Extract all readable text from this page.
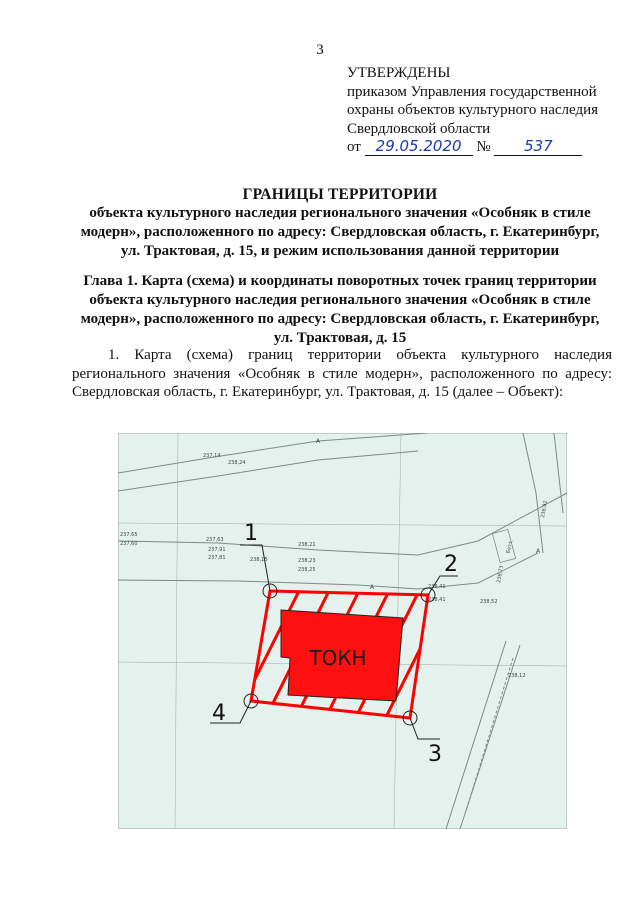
3
УТВЕРЖДЕНЫ
приказом Управления государственной
охраны объектов культурного наследия
Свердловской области
от 29.05.2020 № 537
ГРАНИЦЫ ТЕРРИТОРИИ
объекта культурного наследия регионального значения «Особняк в стиле
модерн», расположенного по адресу: Свердловская область, г. Екатеринбург,
ул. Трактовая, д. 15, и режим использования данной территории
Глава 1. Карта (схема) и координаты поворотных точек границ территории
объекта культурного наследия регионального значения «Особняк в стиле
модерн», расположенного по адресу: Свердловская область, г. Екатеринбург,
ул. Трактовая, д. 15
1. Карта (схема) границ территории объекта культурного наследия регионального значения «Особняк в стиле модерн», расположенного по адресу: Свердловская область, г. Екатеринбург, ул. Трактовая, д. 15 (далее – Объект):
237,14
238,24
237,65
237,60
237,63
237,91
237,81	238,15
238,21
238,23
238,25
238,41
238,41	238,52
238,92
238,73
238,12
Бетт.
А
А
А
ТОКН
1
2
3
4
